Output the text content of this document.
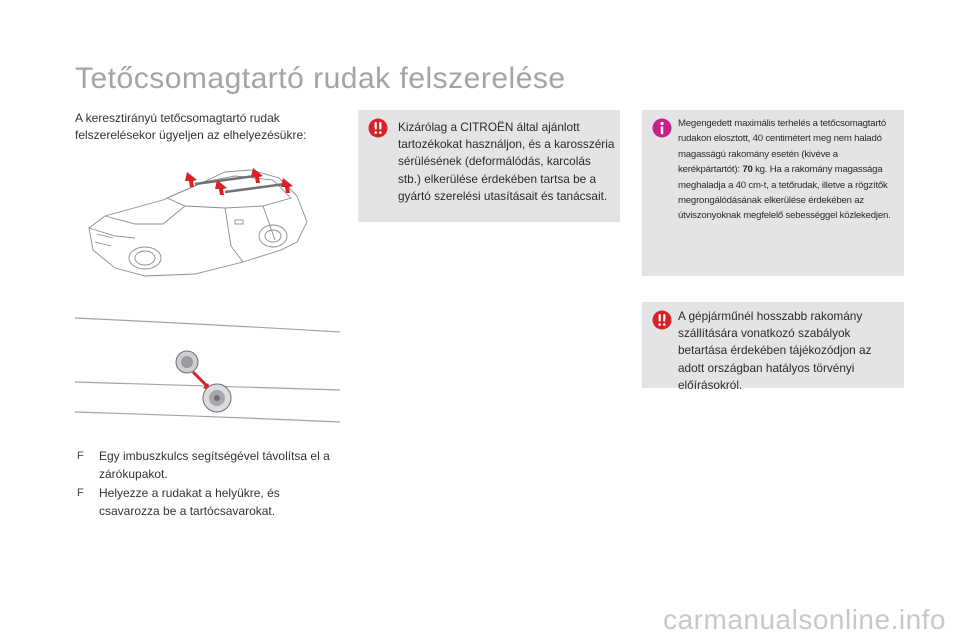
Tetőcsomagtartó rudak felszerelése
A keresztirányú tetőcsomagtartó rudak felszerelésekor ügyeljen az elhelyezésükre:
F Egy imbuszkulcs segítségével távolítsa el a zárókupakot.
F Helyezze a rudakat a helyükre, és csavarozza be a tartócsavarokat.
Kizárólag a CITROËN által ajánlott tartozékokat használjon, és a karosszéria sérülésének (deformálódás, karcolás stb.) elkerülése érdekében tartsa be a gyártó szerelési utasításait és tanácsait.
Megengedett maximális terhelés a tetőcsomagtartó rudakon elosztott, 40 centimétert meg nem haladó magasságú rakomány esetén (kivéve a kerékpártartót): 70 kg. Ha a rakomány magassága meghaladja a 40 cm-t, a tetőrudak, illetve a rögzítők megrongálódásának elkerülése érdekében az útviszonyoknak megfelelő sebességgel közlekedjen.
A gépjárműnél hosszabb rakomány szállítására vonatkozó szabályok betartása érdekében tájékozódjon az adott országban hatályos törvényi előírásokról.
carmanualsonline.info
